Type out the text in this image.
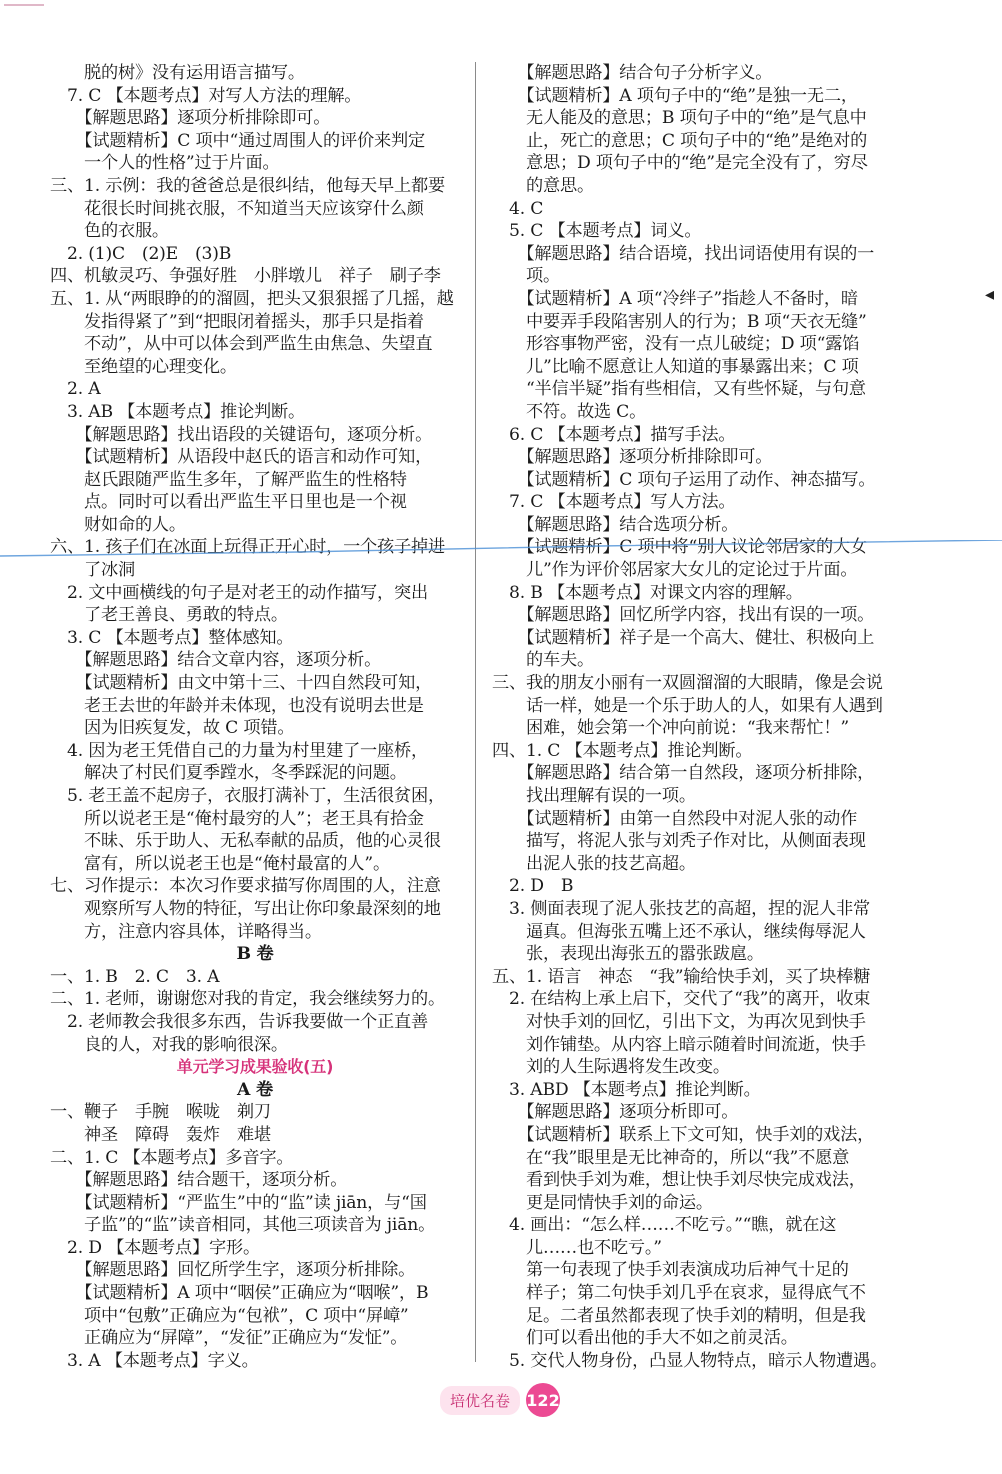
　　脱的树》没有运用语言描写。
　7. C 【本题考点】对写人方法的理解。
　　【解题思路】逐项分析排除即可。
　　【试题精析】C 项中“通过周围人的评价来判定
　　一个人的性格”过于片面。
三、1. 示例：我的爸爸总是很纠结，他每天早上都要
　　花很长时间挑衣服，不知道当天应该穿什么颜
　　色的衣服。
　2. (1)C　(2)E　(3)B
四、机敏灵巧、争强好胜　小胖墩儿　祥子　刷子李
五、1. 从“两眼睁的的溜圆，把头又狠狠摇了几摇，越
　　发指得紧了”到“把眼闭着摇头，那手只是指着
　　不动”，从中可以体会到严监生由焦急、失望直
　　至绝望的心理变化。
　2. A
　3. AB 【本题考点】推论判断。
　　【解题思路】找出语段的关键语句，逐项分析。
　　【试题精析】从语段中赵氏的语言和动作可知，
　　赵氏跟随严监生多年，了解严监生的性格特
　　点。同时可以看出严监生平日里也是一个视
　　财如命的人。
六、1. 孩子们在冰面上玩得正开心时，一个孩子掉进
　　了冰洞
　2. 文中画横线的句子是对老王的动作描写，突出
　　了老王善良、勇敢的特点。
　3. C 【本题考点】整体感知。
　　【解题思路】结合文章内容，逐项分析。
　　【试题精析】由文中第十三、十四自然段可知，
　　老王去世的年龄并未体现，也没有说明去世是
　　因为旧疾复发，故 C 项错。
　4. 因为老王凭借自己的力量为村里建了一座桥，
　　解决了村民们夏季蹚水，冬季踩泥的问题。
　5. 老王盖不起房子，衣服打满补丁，生活很贫困，
　　所以说老王是“俺村最穷的人”；老王具有拾金
　　不昧、乐于助人、无私奉献的品质，他的心灵很
　　富有，所以说老王也是“俺村最富的人”。
七、习作提示：本次习作要求描写你周围的人，注意
　　观察所写人物的特征，写出让你印象最深刻的地
　　方，注意内容具体，详略得当。
B 卷
一、1. B　2. C　3. A
二、1. 老师，谢谢您对我的肯定，我会继续努力的。
　2. 老师教会我很多东西，告诉我要做一个正直善
　　良的人，对我的影响很深。
单元学习成果验收(五)
A 卷
一、鞭子　手腕　喉咙　剃刀
　　神圣　障碍　轰炸　难堪
二、1. C 【本题考点】多音字。
　　【解题思路】结合题干，逐项分析。
　　【试题精析】“严监生”中的“监”读 jiān，与“国
　　子监”的“监”读音相同，其他三项读音为 jiān。
　2. D 【本题考点】字形。
　　【解题思路】回忆所学生字，逐项分析排除。
　　【试题精析】A 项中“咽侯”正确应为“咽喉”，B
　　项中“包敷”正确应为“包袱”，C 项中“屏嶂”
　　正确应为“屏障”，“发征”正确应为“发怔”。
　3. A 【本题考点】字义。
　　【解题思路】结合句子分析字义。
　　【试题精析】A 项句子中的“绝”是独一无二，
　　无人能及的意思；B 项句子中的“绝”是气息中
　　止，死亡的意思；C 项句子中的“绝”是绝对的
　　意思；D 项句子中的“绝”是完全没有了，穷尽
　　的意思。
　4. C
　5. C 【本题考点】词义。
　　【解题思路】结合语境，找出词语使用有误的一
　　项。
　　【试题精析】A 项“冷绊子”指趁人不备时，暗
　　中要弄手段陷害别人的行为；B 项“天衣无缝”
　　形容事物严密，没有一点儿破绽；D 项“露馅
　　儿”比喻不愿意让人知道的事暴露出来；C 项
　　“半信半疑”指有些相信，又有些怀疑，与句意
　　不符。故选 C。
　6. C 【本题考点】描写手法。
　　【解题思路】逐项分析排除即可。
　　【试题精析】C 项句子运用了动作、神态描写。
　7. C 【本题考点】写人方法。
　　【解题思路】结合选项分析。
　　【试题精析】C 项中将“别人议论邻居家的大女
　　儿”作为评价邻居家大女儿的定论过于片面。
　8. B 【本题考点】对课文内容的理解。
　　【解题思路】回忆所学内容，找出有误的一项。
　　【试题精析】祥子是一个高大、健壮、积极向上
　　的车夫。
三、我的朋友小丽有一双圆溜溜的大眼睛，像是会说
　　话一样，她是一个乐于助人的人，如果有人遇到
　　困难，她会第一个冲向前说：“我来帮忙！”
四、1. C 【本题考点】推论判断。
　　【解题思路】结合第一自然段，逐项分析排除，
　　找出理解有误的一项。
　　【试题精析】由第一自然段中对泥人张的动作
　　描写，将泥人张与刘秃子作对比，从侧面表现
　　出泥人张的技艺高超。
　2. D　B
　3. 侧面表现了泥人张技艺的高超，捏的泥人非常
　　逼真。但海张五嘴上还不承认，继续侮辱泥人
　　张，表现出海张五的嚣张跋扈。
五、1. 语言　神态　“我”输给快手刘，买了块棒糖
　2. 在结构上承上启下，交代了“我”的离开，收束
　　对快手刘的回忆，引出下文，为再次见到快手
　　刘作铺垫。从内容上暗示随着时间流逝，快手
　　刘的人生际遇将发生改变。
　3. ABD 【本题考点】推论判断。
　　【解题思路】逐项分析即可。
　　【试题精析】联系上下文可知，快手刘的戏法，
　　在“我”眼里是无比神奇的，所以“我”不愿意
　　看到快手刘为难，想让快手刘尽快完成戏法，
　　更是同情快手刘的命运。
　4. 画出：“怎么样……不吃亏。”“瞧，就在这
　　儿……也不吃亏。”
　　第一句表现了快手刘表演成功后神气十足的
　　样子；第二句快手刘几乎在哀求，显得底气不
　　足。二者虽然都表现了快手刘的精明，但是我
　　们可以看出他的手大不如之前灵活。
　5. 交代人物身份，凸显人物特点，暗示人物遭遇。
◂
培优名卷	122
